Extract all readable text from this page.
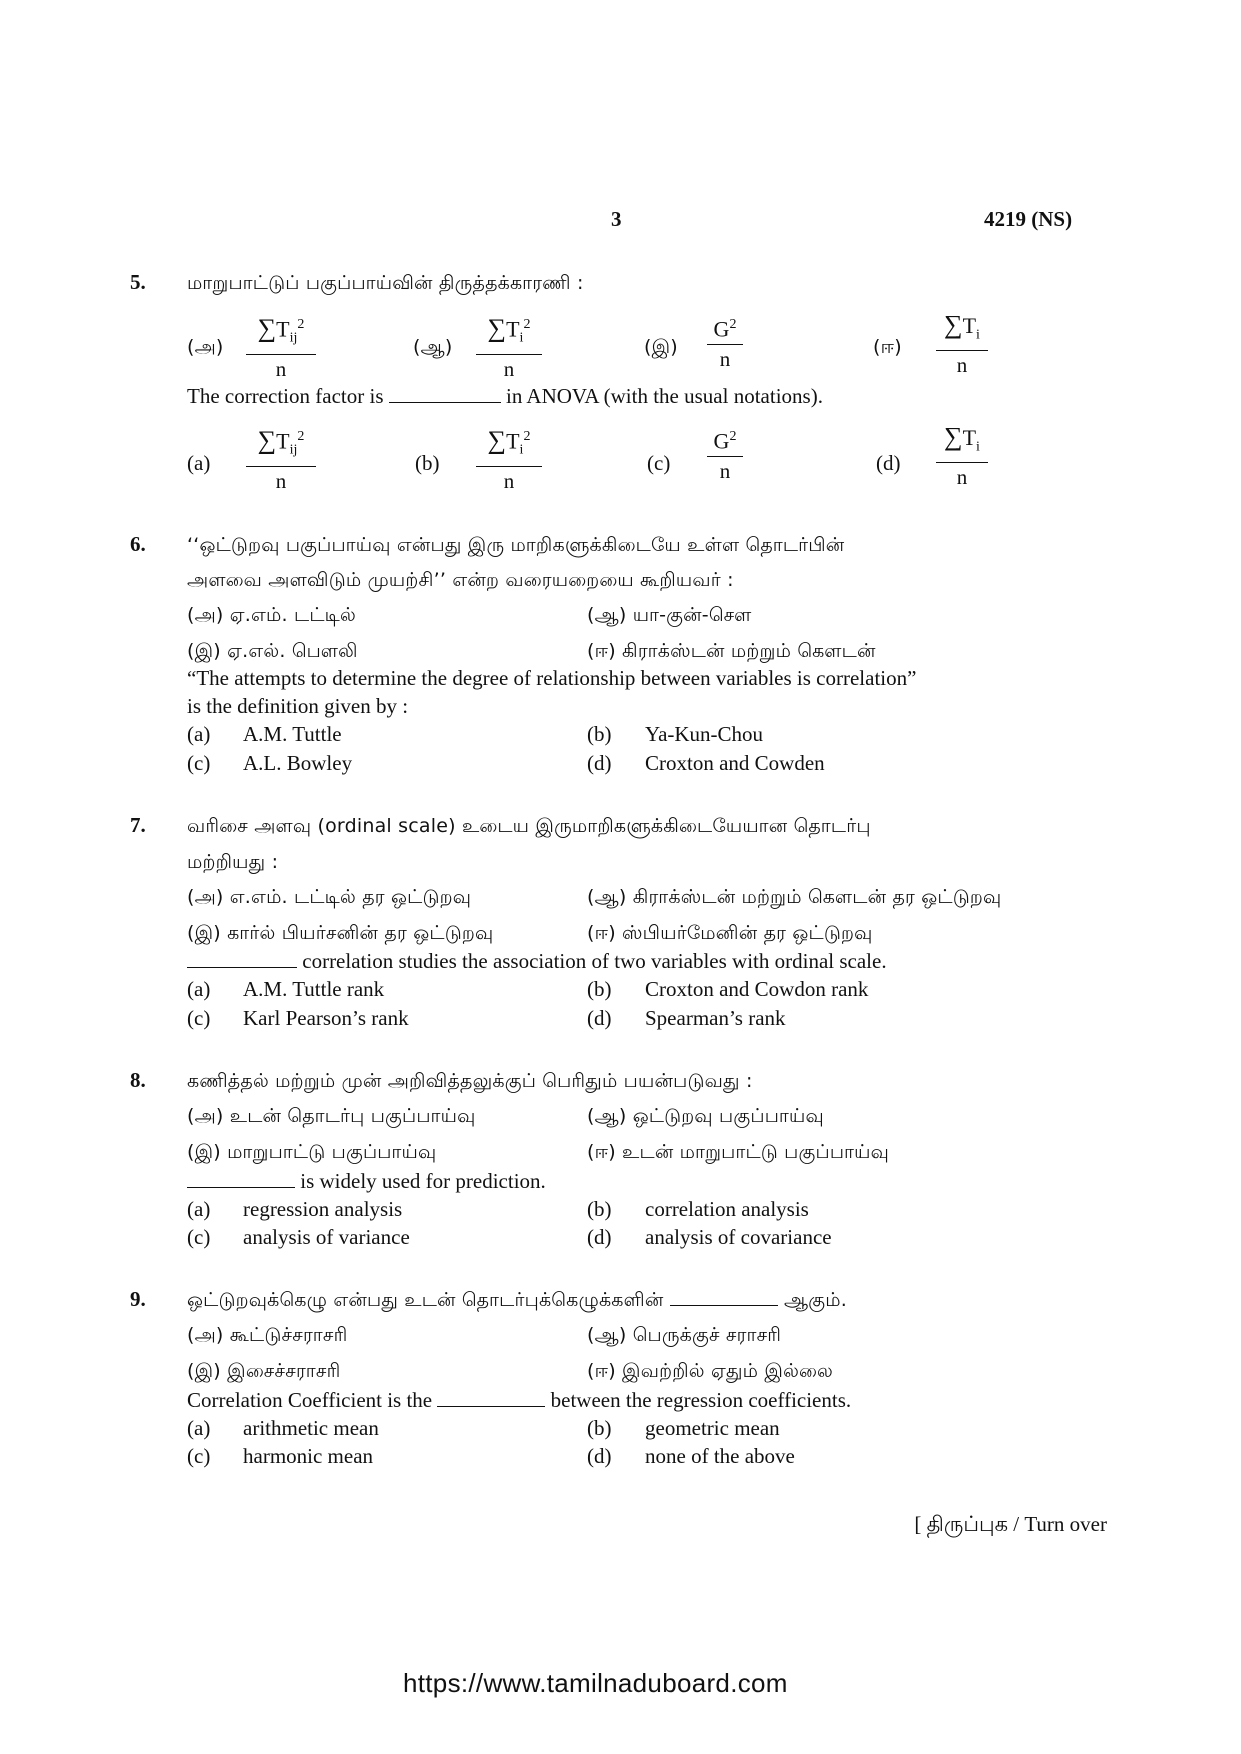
3	4219 (NS)
5. மாறுபாட்டுப் பகுப்பாய்வின் திருத்தக்காரணி :
(அ)	(ஆ)	(இ)	(ஈ)
$\sum T_{ij}^2$
n
$\sum T_i^2$
n
$G^2$
n
$\sum T_i$
n
The correction factor is	in ANOVA (with the usual notations).
(a)	(b)	(c)	(d)
$\sum T_{ij}^2$
n
$\sum T_i^2$
n
$G^2$
n
$\sum T_i$
n
6. ‘‘ஒட்டுறவு பகுப்பாய்வு என்பது இரு மாறிகளுக்கிடையே உள்ள தொடர்பின்
அளவை அளவிடும் முயற்சி’’ என்ற வரையறையை கூறியவர் :
(அ) ஏ.எம். டட்டில்	(ஆ) யா-குன்-சௌ
(இ) ஏ.எல். பௌலி	(ஈ) கிராக்ஸ்டன் மற்றும் கௌடன்
“The attempts to determine the degree of relationship between variables is correlation”
is the definition given by :
(a) A.M. Tuttle	(b) Ya-Kun-Chou
(c) A.L. Bowley	(d) Croxton and Cowden
7. வரிசை அளவு (ordinal scale) உடைய இருமாறிகளுக்கிடையேயான தொடர்பு
மற்றியது :
(அ) எ.எம். டட்டில் தர ஒட்டுறவு	(ஆ) கிராக்ஸ்டன் மற்றும் கௌடன் தர ஒட்டுறவு
(இ) கார்ல் பியர்சனின் தர ஒட்டுறவு	(ஈ) ஸ்பியர்மேனின் தர ஒட்டுறவு
correlation studies the association of two variables with ordinal scale.
(a) A.M. Tuttle rank	(b) Croxton and Cowdon rank
(c) Karl Pearson’s rank	(d) Spearman’s rank
8. கணித்தல் மற்றும் முன் அறிவித்தலுக்குப் பெரிதும் பயன்படுவது :
(அ) உடன் தொடர்பு பகுப்பாய்வு	(ஆ) ஒட்டுறவு பகுப்பாய்வு
(இ) மாறுபாட்டு பகுப்பாய்வு	(ஈ) உடன் மாறுபாட்டு பகுப்பாய்வு
is widely used for prediction.
(a) regression analysis	(b) correlation analysis
(c) analysis of variance	(d) analysis of covariance
9. ஒட்டுறவுக்கெழு என்பது உடன் தொடர்புக்கெழுக்களின்	ஆகும்.
(அ) கூட்டுச்சராசரி	(ஆ) பெருக்குச் சராசரி
(இ) இசைச்சராசரி	(ஈ) இவற்றில் ஏதும் இல்லை
Correlation Coefficient is the	between the regression coefficients.
(a) arithmetic mean	(b) geometric mean
(c) harmonic mean	(d) none of the above
[ திருப்புக / Turn over
https://www.tamilnaduboard.com
